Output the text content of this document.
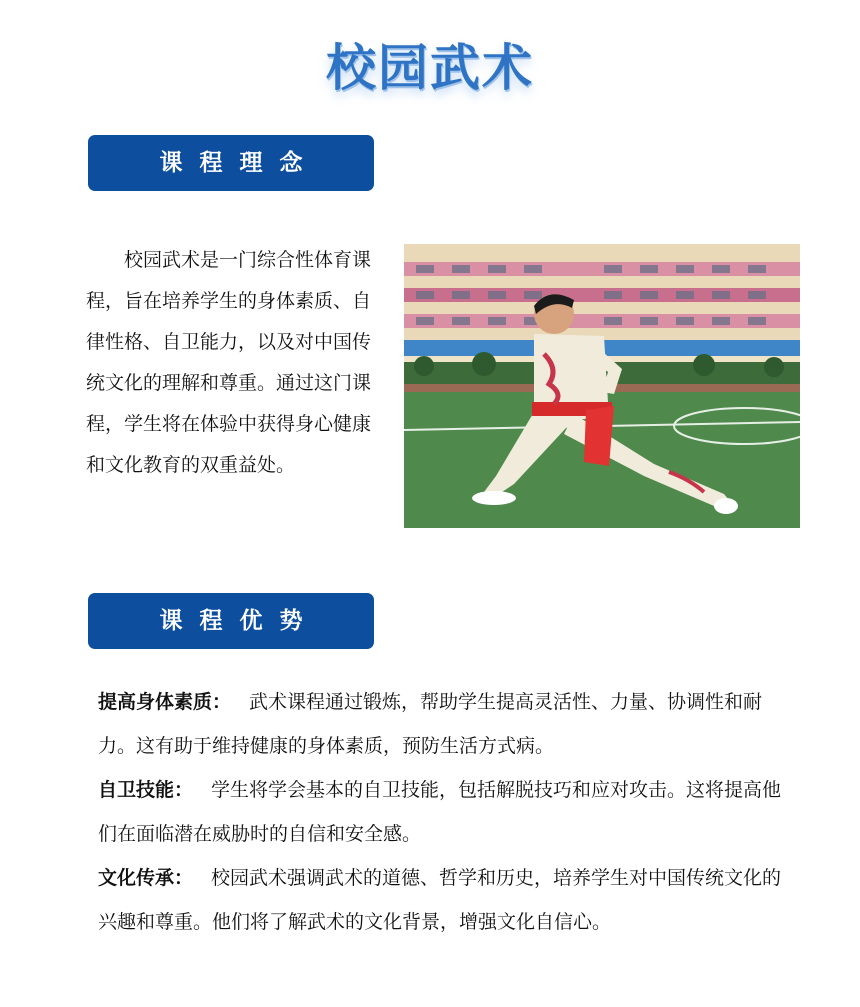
校园武术
课程理念

校园武术是一门综合性体育课程，旨在培养学生的身体素质、自律性格、自卫能力，以及对中国传统文化的理解和尊重。通过这门课程，学生将在体验中获得身心健康和文化教育的双重益处。

课程优势

提高身体素质： 武术课程通过锻炼，帮助学生提高灵活性、力量、协调性和耐力。这有助于维持健康的身体素质，预防生活方式病。

自卫技能： 学生将学会基本的自卫技能，包括解脱技巧和应对攻击。这将提高他们在面临潜在威胁时的自信和安全感。

文化传承： 校园武术强调武术的道德、哲学和历史，培养学生对中国传统文化的兴趣和尊重。他们将了解武术的文化背景，增强文化自信心。
